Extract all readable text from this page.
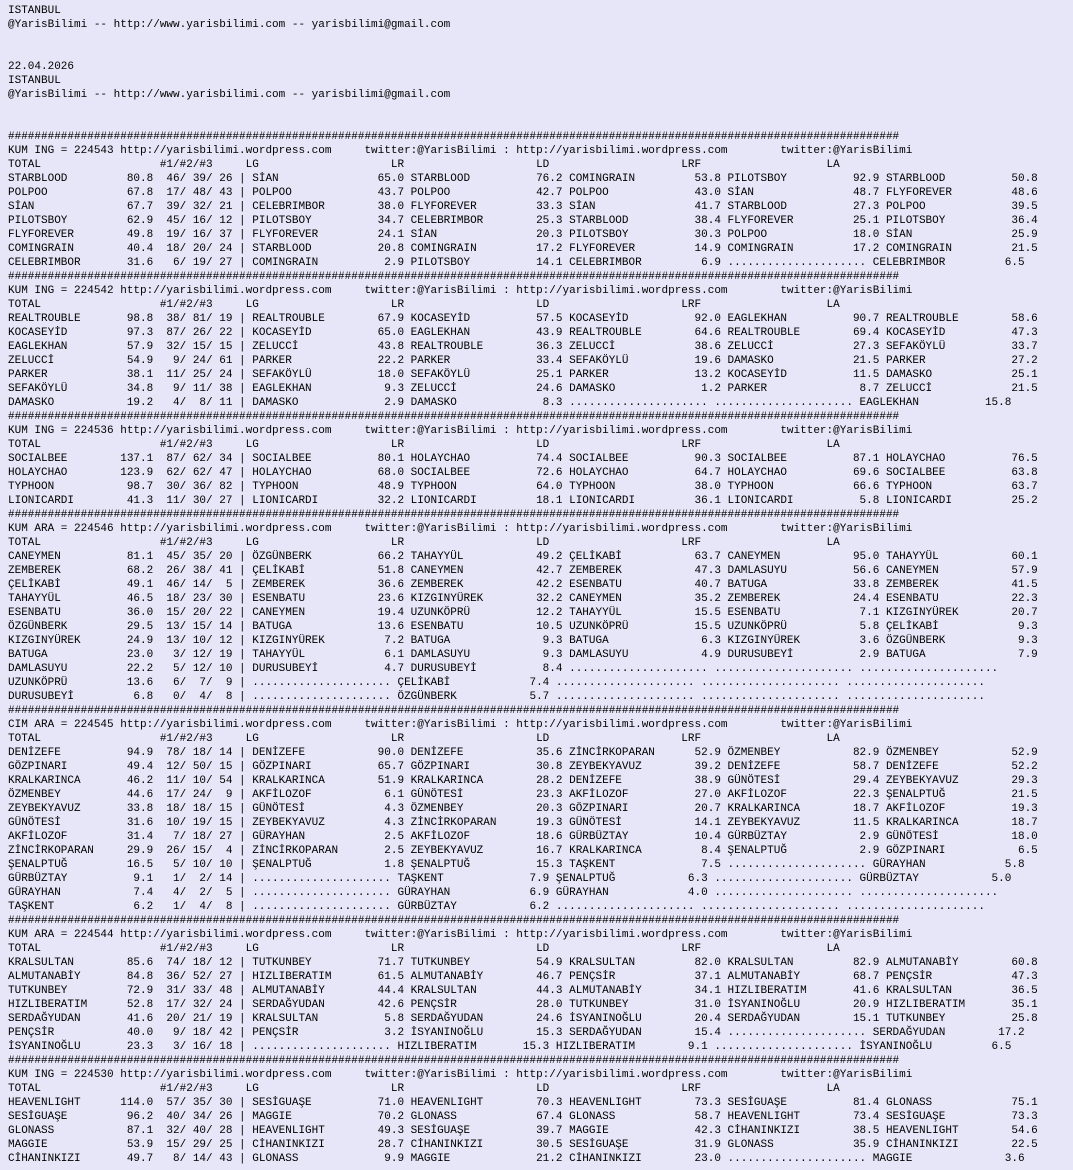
ISTANBUL
@YarisBilimi -- http://www.yarisbilimi.com -- yarisbilimi@gmail.com
22.04.2026
ISTANBUL
@YarisBilimi -- http://www.yarisbilimi.com -- yarisbilimi@gmail.com
#######################################################################################################################################
KUM ING = 224543 http://yarisbilimi.wordpress.com     twitter:@YarisBilimi : http://yarisbilimi.wordpress.com        twitter:@YarisBilimi
TOTAL                  #1/#2/#3     LG                    LR                    LD                    LRF                   LA
STARBLOOD         80.8  46/ 39/ 26 | SİAN               65.0 STARBLOOD          76.2 COMINGRAIN         53.8 PILOTSBOY          92.9 STARBLOOD          50.8
POLPOO            67.8  17/ 48/ 43 | POLPOO             43.7 POLPOO             42.7 POLPOO             43.0 SİAN               48.7 FLYFOREVER         48.6
SİAN              67.7  39/ 32/ 21 | CELEBRIMBOR        38.0 FLYFOREVER         33.3 SİAN               41.7 STARBLOOD          27.3 POLPOO             39.5
PILOTSBOY         62.9  45/ 16/ 12 | PILOTSBOY          34.7 CELEBRIMBOR        25.3 STARBLOOD          38.4 FLYFOREVER         25.1 PILOTSBOY          36.4
FLYFOREVER        49.8  19/ 16/ 37 | FLYFOREVER         24.1 SİAN               20.3 PILOTSBOY          30.3 POLPOO             18.0 SİAN               25.9
COMINGRAIN        40.4  18/ 20/ 24 | STARBLOOD          20.8 COMINGRAIN         17.2 FLYFOREVER         14.9 COMINGRAIN         17.2 COMINGRAIN         21.5
CELEBRIMBOR       31.6   6/ 19/ 27 | COMINGRAIN          2.9 PILOTSBOY          14.1 CELEBRIMBOR         6.9 ..................... CELEBRIMBOR         6.5
#######################################################################################################################################
KUM ING = 224542 http://yarisbilimi.wordpress.com     twitter:@YarisBilimi : http://yarisbilimi.wordpress.com        twitter:@YarisBilimi
TOTAL                  #1/#2/#3     LG                    LR                    LD                    LRF                   LA
REALTROUBLE       98.8  38/ 81/ 19 | REALTROUBLE        67.9 KOCASEYİD          57.5 KOCASEYİD          92.0 EAGLEKHAN          90.7 REALTROUBLE        58.6
KOCASEYİD         97.3  87/ 26/ 22 | KOCASEYİD          65.0 EAGLEKHAN          43.9 REALTROUBLE        64.6 REALTROUBLE        69.4 KOCASEYİD          47.3
EAGLEKHAN         57.9  32/ 15/ 15 | ZELUCCİ            43.8 REALTROUBLE        36.3 ZELUCCİ            38.6 ZELUCCİ            27.3 SEFAKÖYLÜ          33.7
ZELUCCİ           54.9   9/ 24/ 61 | PARKER             22.2 PARKER             33.4 SEFAKÖYLÜ          19.6 DAMASKO            21.5 PARKER             27.2
PARKER            38.1  11/ 25/ 24 | SEFAKÖYLÜ          18.0 SEFAKÖYLÜ          25.1 PARKER             13.2 KOCASEYİD          11.5 DAMASKO            25.1
SEFAKÖYLÜ         34.8   9/ 11/ 38 | EAGLEKHAN           9.3 ZELUCCİ            24.6 DAMASKO             1.2 PARKER              8.7 ZELUCCİ            21.5
DAMASKO           19.2   4/  8/ 11 | DAMASKO             2.9 DAMASKO             8.3 ..................... ..................... EAGLEKHAN          15.8
#######################################################################################################################################
KUM ING = 224536 http://yarisbilimi.wordpress.com     twitter:@YarisBilimi : http://yarisbilimi.wordpress.com        twitter:@YarisBilimi
TOTAL                  #1/#2/#3     LG                    LR                    LD                    LRF                   LA
SOCIALBEE        137.1  87/ 62/ 34 | SOCIALBEE          80.1 HOLAYCHAO          74.4 SOCIALBEE          90.3 SOCIALBEE          87.1 HOLAYCHAO          76.5
HOLAYCHAO        123.9  62/ 62/ 47 | HOLAYCHAO          68.0 SOCIALBEE          72.6 HOLAYCHAO          64.7 HOLAYCHAO          69.6 SOCIALBEE          63.8
TYPHOON           98.7  30/ 36/ 82 | TYPHOON            48.9 TYPHOON            64.0 TYPHOON            38.0 TYPHOON            66.6 TYPHOON            63.7
LIONICARDI        41.3  11/ 30/ 27 | LIONICARDI         32.2 LIONICARDI         18.1 LIONICARDI         36.1 LIONICARDI          5.8 LIONICARDI         25.2
#######################################################################################################################################
KUM ARA = 224546 http://yarisbilimi.wordpress.com     twitter:@YarisBilimi : http://yarisbilimi.wordpress.com        twitter:@YarisBilimi
TOTAL                  #1/#2/#3     LG                    LR                    LD                    LRF                   LA
CANEYMEN          81.1  45/ 35/ 20 | ÖZGÜNBERK          66.2 TAHAYYÜL           49.2 ÇELİKABİ           63.7 CANEYMEN           95.0 TAHAYYÜL           60.1
ZEMBEREK          68.2  26/ 38/ 41 | ÇELİKABİ           51.8 CANEYMEN           42.7 ZEMBEREK           47.3 DAMLASUYU          56.6 CANEYMEN           57.9
ÇELİKABİ          49.1  46/ 14/  5 | ZEMBEREK           36.6 ZEMBEREK           42.2 ESENBATU           40.7 BATUGA             33.8 ZEMBEREK           41.5
TAHAYYÜL          46.5  18/ 23/ 30 | ESENBATU           23.6 KIZGINYÜREK        32.2 CANEYMEN           35.2 ZEMBEREK           24.4 ESENBATU           22.3
ESENBATU          36.0  15/ 20/ 22 | CANEYMEN           19.4 UZUNKÖPRÜ          12.2 TAHAYYÜL           15.5 ESENBATU            7.1 KIZGINYÜREK        20.7
ÖZGÜNBERK         29.5  13/ 15/ 14 | BATUGA             13.6 ESENBATU           10.5 UZUNKÖPRÜ          15.5 UZUNKÖPRÜ           5.8 ÇELİKABİ            9.3
KIZGINYÜREK       24.9  13/ 10/ 12 | KIZGINYÜREK         7.2 BATUGA              9.3 BATUGA              6.3 KIZGINYÜREK         3.6 ÖZGÜNBERK           9.3
BATUGA            23.0   3/ 12/ 19 | TAHAYYÜL            6.1 DAMLASUYU           9.3 DAMLASUYU           4.9 DURUSUBEYİ          2.9 BATUGA              7.9
DAMLASUYU         22.2   5/ 12/ 10 | DURUSUBEYİ          4.7 DURUSUBEYİ          8.4 ..................... ..................... .....................
UZUNKÖPRÜ         13.6   6/  7/  9 | ..................... ÇELİKABİ            7.4 ..................... ..................... .....................
DURUSUBEYİ         6.8   0/  4/  8 | ..................... ÖZGÜNBERK           5.7 ..................... ..................... .....................
#######################################################################################################################################
CIM ARA = 224545 http://yarisbilimi.wordpress.com     twitter:@YarisBilimi : http://yarisbilimi.wordpress.com        twitter:@YarisBilimi
TOTAL                  #1/#2/#3     LG                    LR                    LD                    LRF                   LA
DENİZEFE          94.9  78/ 18/ 14 | DENİZEFE           90.0 DENİZEFE           35.6 ZİNCİRKOPARAN      52.9 ÖZMENBEY           82.9 ÖZMENBEY           52.9
GÖZPINARI         49.4  12/ 50/ 15 | GÖZPINARI          65.7 GÖZPINARI          30.8 ZEYBEKYAVUZ        39.2 DENİZEFE           58.7 DENİZEFE           52.2
KRALKARINCA       46.2  11/ 10/ 54 | KRALKARINCA        51.9 KRALKARINCA        28.2 DENİZEFE           38.9 GÜNÖTESİ           29.4 ZEYBEKYAVUZ        29.3
ÖZMENBEY          44.6  17/ 24/  9 | AKFİLOZOF           6.1 GÜNÖTESİ           23.3 AKFİLOZOF          27.0 AKFİLOZOF          22.3 ŞENALPTUĞ          21.5
ZEYBEKYAVUZ       33.8  18/ 18/ 15 | GÜNÖTESİ            4.3 ÖZMENBEY           20.3 GÖZPINARI          20.7 KRALKARINCA        18.7 AKFİLOZOF          19.3
GÜNÖTESİ          31.6  10/ 19/ 15 | ZEYBEKYAVUZ         4.3 ZİNCİRKOPARAN      19.3 GÜNÖTESİ           14.1 ZEYBEKYAVUZ        11.5 KRALKARINCA        18.7
AKFİLOZOF         31.4   7/ 18/ 27 | GÜRAYHAN            2.5 AKFİLOZOF          18.6 GÜRBÜZTAY          10.4 GÜRBÜZTAY           2.9 GÜNÖTESİ           18.0
ZİNCİRKOPARAN     29.9  26/ 15/  4 | ZİNCİRKOPARAN       2.5 ZEYBEKYAVUZ        16.7 KRALKARINCA         8.4 ŞENALPTUĞ           2.9 GÖZPINARI           6.5
ŞENALPTUĞ         16.5   5/ 10/ 10 | ŞENALPTUĞ           1.8 ŞENALPTUĞ          15.3 TAŞKENT             7.5 ..................... GÜRAYHAN            5.8
GÜRBÜZTAY          9.1   1/  2/ 14 | ..................... TAŞKENT             7.9 ŞENALPTUĞ           6.3 ..................... GÜRBÜZTAY           5.0
GÜRAYHAN           7.4   4/  2/  5 | ..................... GÜRAYHAN            6.9 GÜRAYHAN            4.0 ..................... .....................
TAŞKENT            6.2   1/  4/  8 | ..................... GÜRBÜZTAY           6.2 ..................... ..................... .....................
#######################################################################################################################################
KUM ARA = 224544 http://yarisbilimi.wordpress.com     twitter:@YarisBilimi : http://yarisbilimi.wordpress.com        twitter:@YarisBilimi
TOTAL                  #1/#2/#3     LG                    LR                    LD                    LRF                   LA
KRALSULTAN        85.6  74/ 18/ 12 | TUTKUNBEY          71.7 TUTKUNBEY          54.9 KRALSULTAN         82.0 KRALSULTAN         82.9 ALMUTANABİY        60.8
ALMUTANABİY       84.8  36/ 52/ 27 | HIZLIBERATIM       61.5 ALMUTANABİY        46.7 PENÇSİR            37.1 ALMUTANABİY        68.7 PENÇSİR            47.3
TUTKUNBEY         72.9  31/ 33/ 48 | ALMUTANABİY        44.4 KRALSULTAN         44.3 ALMUTANABİY        34.1 HIZLIBERATIM       41.6 KRALSULTAN         36.5
HIZLIBERATIM      52.8  17/ 32/ 24 | SERDAĞYUDAN        42.6 PENÇSİR            28.0 TUTKUNBEY          31.0 İSYANINOĞLU        20.9 HIZLIBERATIM       35.1
SERDAĞYUDAN       41.6  20/ 21/ 19 | KRALSULTAN          5.8 SERDAĞYUDAN        24.6 İSYANINOĞLU        20.4 SERDAĞYUDAN        15.1 TUTKUNBEY          25.8
PENÇSİR           40.0   9/ 18/ 42 | PENÇSİR             3.2 İSYANINOĞLU        15.3 SERDAĞYUDAN        15.4 ..................... SERDAĞYUDAN        17.2
İSYANINOĞLU       23.3   3/ 16/ 18 | ..................... HIZLIBERATIM       15.3 HIZLIBERATIM        9.1 ..................... İSYANINOĞLU         6.5
#######################################################################################################################################
KUM ING = 224530 http://yarisbilimi.wordpress.com     twitter:@YarisBilimi : http://yarisbilimi.wordpress.com        twitter:@YarisBilimi
TOTAL                  #1/#2/#3     LG                    LR                    LD                    LRF                   LA
HEAVENLIGHT      114.0  57/ 35/ 30 | SESİGUAŞE          71.0 HEAVENLIGHT        70.3 HEAVENLIGHT        73.3 SESİGUAŞE          81.4 GLONASS            75.1
SESİGUAŞE         96.2  40/ 34/ 26 | MAGGIE             70.2 GLONASS            67.4 GLONASS            58.7 HEAVENLIGHT        73.4 SESİGUAŞE          73.3
GLONASS           87.1  32/ 40/ 28 | HEAVENLIGHT        49.3 SESİGUAŞE          39.7 MAGGIE             42.3 CİHANINKIZI        38.5 HEAVENLIGHT        54.6
MAGGIE            53.9  15/ 29/ 25 | CİHANINKIZI        28.7 CİHANINKIZI        30.5 SESİGUAŞE          31.9 GLONASS            35.9 CİHANINKIZI        22.5
CİHANINKIZI       49.7   8/ 14/ 43 | GLONASS             9.9 MAGGIE             21.2 CİHANINKIZI        23.0 ..................... MAGGIE              3.6
